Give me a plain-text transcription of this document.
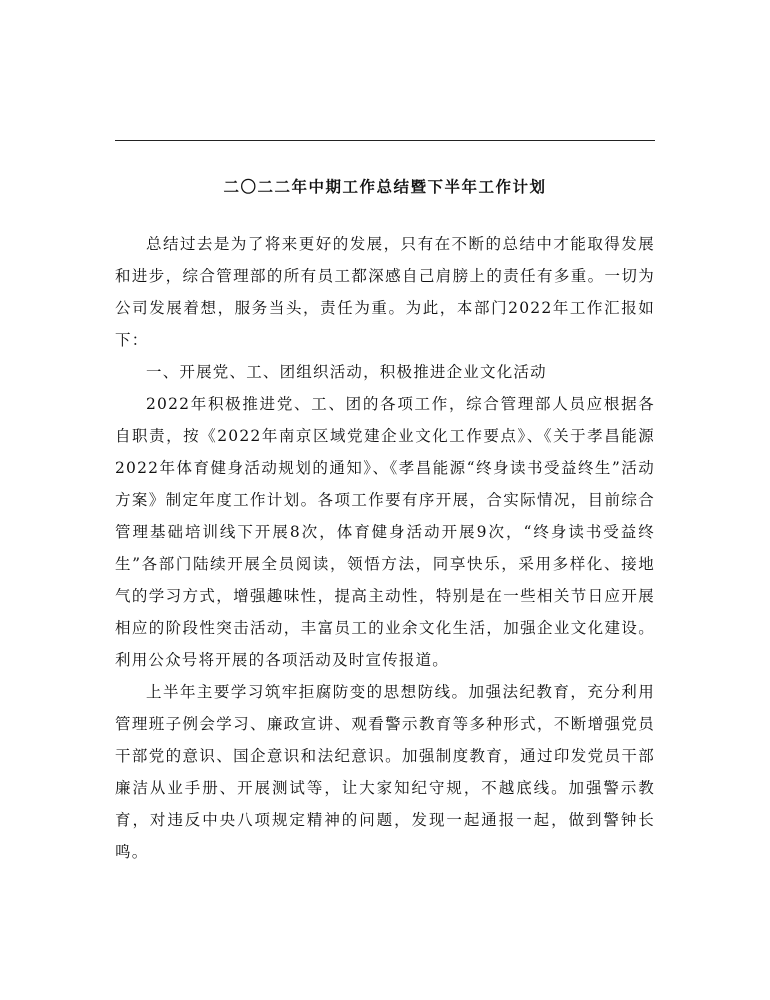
二〇二二年中期工作总结暨下半年工作计划

总结过去是为了将来更好的发展，只有在不断的总结中才能取得发展和进步，综合管理部的所有员工都深感自己肩膀上的责任有多重。一切为公司发展着想，服务当头，责任为重。为此，本部门2022年工作汇报如下：

一、开展党、工、团组织活动，积极推进企业文化活动

2022年积极推进党、工、团的各项工作，综合管理部人员应根据各自职责，按《2022年南京区域党建企业文化工作要点》、《关于孝昌能源2022年体育健身活动规划的通知》、《孝昌能源“终身读书受益终生”活动方案》制定年度工作计划。各项工作要有序开展，合实际情况，目前综合管理基础培训线下开展8次，体育健身活动开展9次，“终身读书受益终生”各部门陆续开展全员阅读，领悟方法，同享快乐，采用多样化、接地气的学习方式，增强趣味性，提高主动性，特别是在一些相关节日应开展相应的阶段性突击活动，丰富员工的业余文化生活，加强企业文化建设。利用公众号将开展的各项活动及时宣传报道。

上半年主要学习筑牢拒腐防变的思想防线。加强法纪教育，充分利用管理班子例会学习、廉政宣讲、观看警示教育等多种形式，不断增强党员干部党的意识、国企意识和法纪意识。加强制度教育，通过印发党员干部廉洁从业手册、开展测试等，让大家知纪守规，不越底线。加强警示教育，对违反中央八项规定精神的问题，发现一起通报一起，做到警钟长鸣。
